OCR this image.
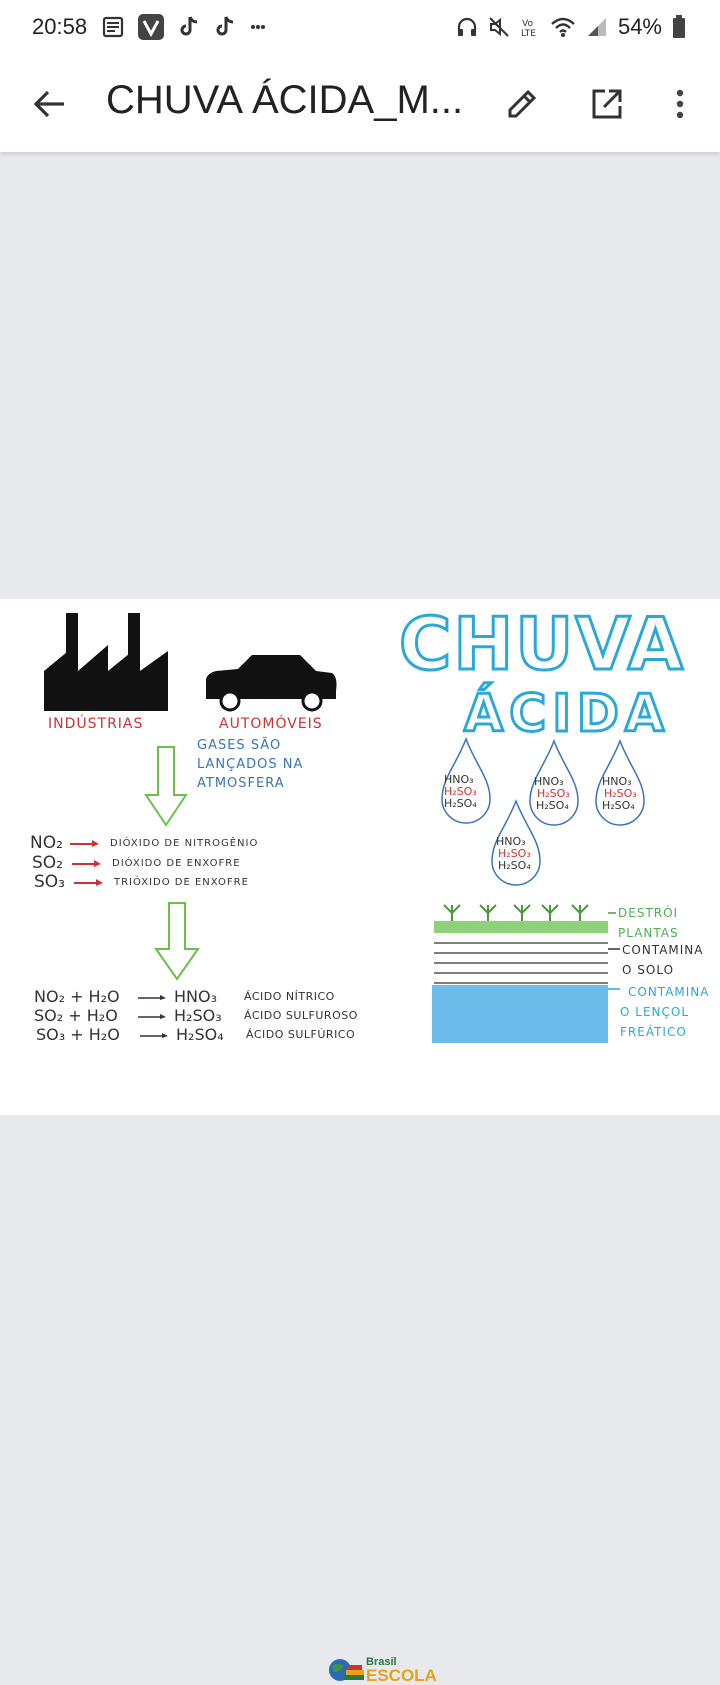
20:58	Vo
LTE	54%
CHUVA ÁCIDA_M...
INDÚSTRIAS	AUTOMÓVEIS
GASES SÃO
LANÇADOS NA
ATMOSFERA
NO₂	DIÓXIDO DE NITROGÊNIO
SO₂	DIÓXIDO DE ENXOFRE
SO₃	TRIÓXIDO DE ENXOFRE
NO₂ + H₂O	HNO₃	ÁCIDO NÍTRICO
SO₂ + H₂O	H₂SO₃	ÁCIDO SULFUROSO
SO₃ + H₂O	H₂SO₄	ÁCIDO SULFÚRICO
CHUVA
ÁCIDA
HNO₃
H₂SO₃
H₂SO₄
HNO₃
H₂SO₃
H₂SO₄
HNO₃
H₂SO₃
H₂SO₄
HNO₃
H₂SO₃
H₂SO₄
DESTRÓI
PLANTAS
CONTAMINA
O SOLO
CONTAMINA
O LENÇOL
FREÁTICO
Brasil
ESCOLA
